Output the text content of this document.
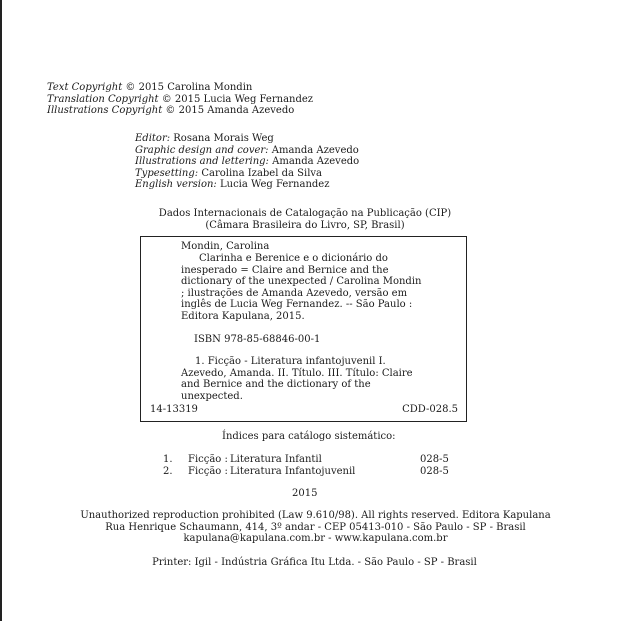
Text Copyright © 2015 Carolina Mondin
Translation Copyright © 2015 Lucia Weg Fernandez
Illustrations Copyright © 2015 Amanda Azevedo
Editor: Rosana Morais Weg
Graphic design and cover: Amanda Azevedo
Illustrations and lettering: Amanda Azevedo
Typesetting: Carolina Izabel da Silva
English version: Lucia Weg Fernandez
Dados Internacionais de Catalogação na Publicação (CIP)
(Câmara Brasileira do Livro, SP, Brasil)
Mondin, Carolina
Clarinha e Berenice e o dicionário do inesperado = Claire and Bernice and the dictionary of the unexpected / Carolina Mondin ; ilustrações de Amanda Azevedo, versão em inglês de Lucia Weg Fernandez. -- São Paulo : Editora Kapulana, 2015.
ISBN 978-85-68846-00-1
1. Ficção - Literatura infantojuvenil I. Azevedo, Amanda. II. Título. III. Título: Claire and Bernice and the dictionary of the unexpected.
14-13319	CDD-028.5
Índices para catálogo sistemático:
1. Ficção : Literatura Infantil	028-5
2. Ficção : Literatura Infantojuvenil	028-5
2015
Unauthorized reproduction prohibited (Law 9.610/98). All rights reserved. Editora Kapulana
Rua Henrique Schaumann, 414, 3º andar - CEP 05413-010 - São Paulo - SP - Brasil
kapulana@kapulana.com.br - www.kapulana.com.br
Printer: Igil - Indústria Gráfica Itu Ltda. - São Paulo - SP - Brasil
